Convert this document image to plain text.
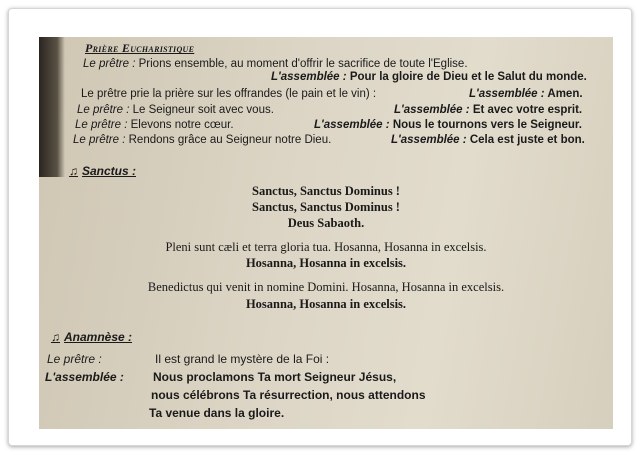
Prière Eucharistique
Le prêtre : Prions ensemble, au moment d'offrir le sacrifice de toute l'Eglise.
L'assemblée : Pour la gloire de Dieu et le Salut du monde.
Le prêtre prie la prière sur les offrandes (le pain et le vin) :	L'assemblée : Amen.
Le prêtre : Le Seigneur soit avec vous.	L'assemblée : Et avec votre esprit.
Le prêtre : Elevons notre cœur.	L'assemblée : Nous le tournons vers le Seigneur.
Le prêtre : Rendons grâce au Seigneur notre Dieu.	L'assemblée : Cela est juste et bon.
♫ Sanctus :
Sanctus, Sanctus Dominus !
Sanctus, Sanctus Dominus !
Deus Sabaoth.
Pleni sunt cæli et terra gloria tua. Hosanna, Hosanna in excelsis.
Hosanna, Hosanna in excelsis.
Benedictus qui venit in nomine Domini. Hosanna, Hosanna in excelsis.
Hosanna, Hosanna in excelsis.
♫ Anamnèse :
Le prêtre :	Il est grand le mystère de la Foi :
L'assemblée : Nous proclamons Ta mort Seigneur Jésus,
nous célébrons Ta résurrection, nous attendons
Ta venue dans la gloire.
